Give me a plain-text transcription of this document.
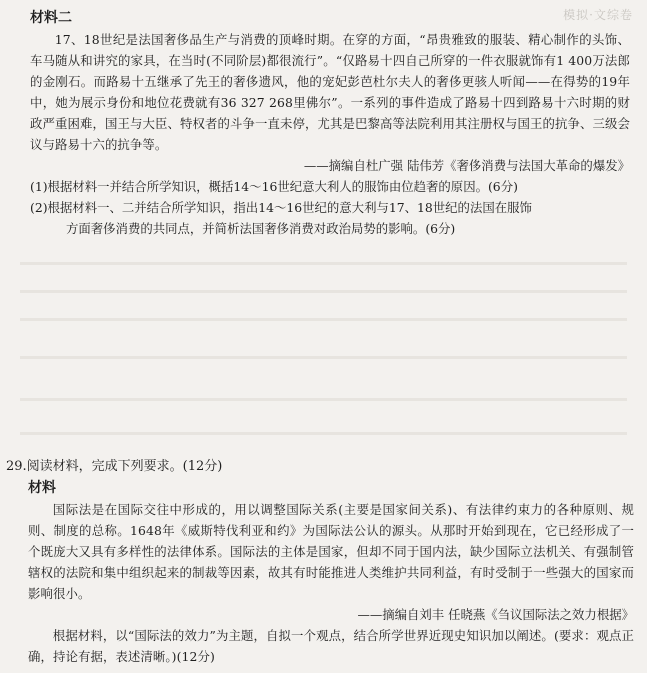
模拟·文综卷

材料二

17、18世纪是法国奢侈品生产与消费的顶峰时期。在穿的方面，“昂贵雅致的服装、精心制作的头饰、车马随从和讲究的家具，在当时(不同阶层)都很流行”。“仅路易十四自己所穿的一件衣服就饰有1 400万法郎的金刚石。而路易十五继承了先王的奢侈遗风，他的宠妃彭芭杜尔夫人的奢侈更骇人听闻——在得势的19年中，她为展示身份和地位花费就有36 327 268里佛尔”。一系列的事件造成了路易十四到路易十六时期的财政严重困难，国王与大臣、特权者的斗争一直未停，尤其是巴黎高等法院利用其注册权与国王的抗争、三级会议与路易十六的抗争等。

——摘编自杜广强 陆伟芳《奢侈消费与法国大革命的爆发》

(1)根据材料一并结合所学知识，概括14～16世纪意大利人的服饰由位趋奢的原因。(6分)

(2)根据材料一、二并结合所学知识，指出14～16世纪的意大利与17、18世纪的法国在服饰

方面奢侈消费的共同点，并简析法国奢侈消费对政治局势的影响。(6分)

29.阅读材料，完成下列要求。(12分)

材料

国际法是在国际交往中形成的，用以调整国际关系(主要是国家间关系)、有法律约束力的各种原则、规则、制度的总称。1648年《威斯特伐利亚和约》为国际法公认的源头。从那时开始到现在，它已经形成了一个既庞大又具有多样性的法律体系。国际法的主体是国家，但却不同于国内法，缺少国际立法机关、有强制管辖权的法院和集中组织起来的制裁等因素，故其有时能推进人类维护共同利益，有时受制于一些强大的国家而影响很小。

——摘编自刘丰 任晓燕《刍议国际法之效力根据》

根据材料，以“国际法的效力”为主题，自拟一个观点，结合所学世界近现史知识加以阐述。(要求：观点正确，持论有据，表述清晰。)(12分)
